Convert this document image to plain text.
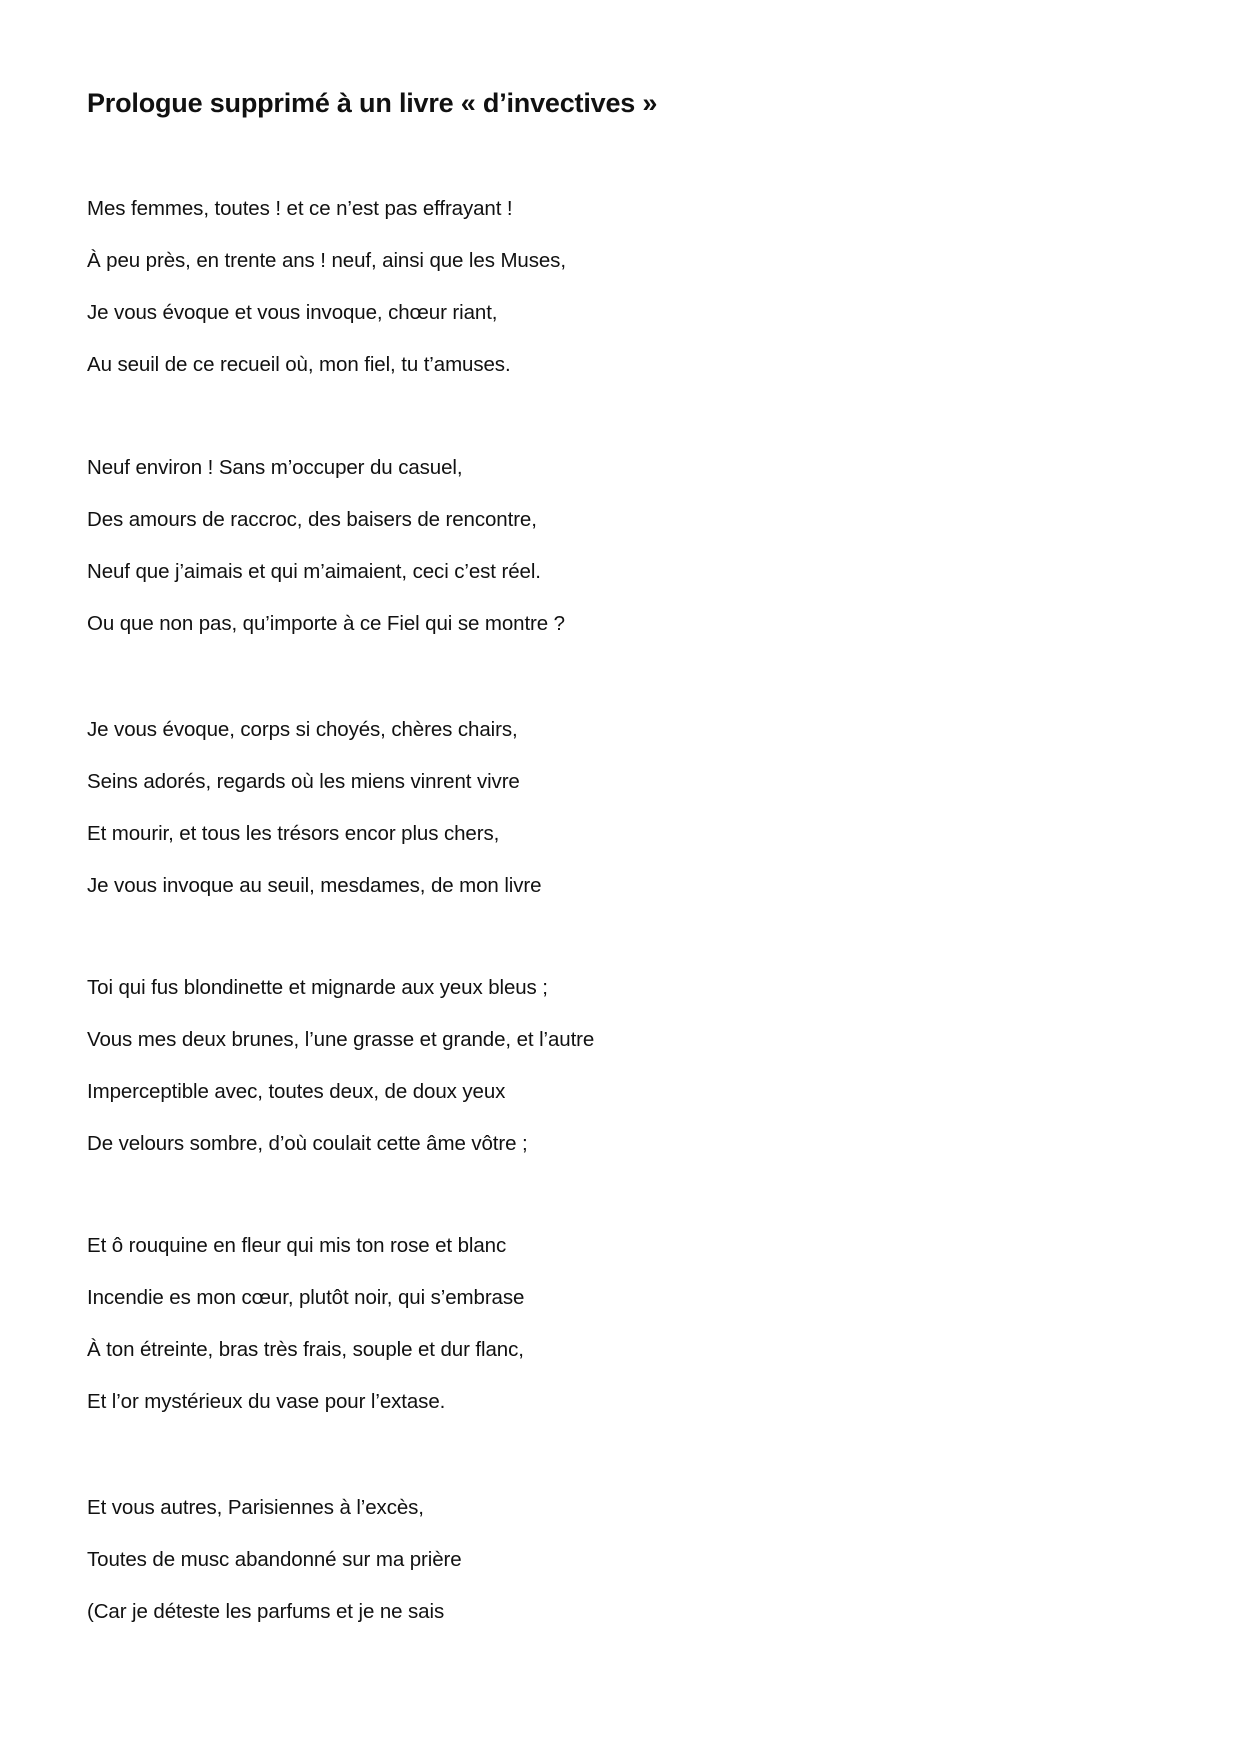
Prologue supprimé à un livre « d’invectives »
Mes femmes, toutes ! et ce n’est pas effrayant !
À peu près, en trente ans ! neuf, ainsi que les Muses,
Je vous évoque et vous invoque, chœur riant,
Au seuil de ce recueil où, mon fiel, tu t’amuses.
Neuf environ ! Sans m’occuper du casuel,
Des amours de raccroc, des baisers de rencontre,
Neuf que j’aimais et qui m’aimaient, ceci c’est réel.
Ou que non pas, qu’importe à ce Fiel qui se montre ?
Je vous évoque, corps si choyés, chères chairs,
Seins adorés, regards où les miens vinrent vivre
Et mourir, et tous les trésors encor plus chers,
Je vous invoque au seuil, mesdames, de mon livre
Toi qui fus blondinette et mignarde aux yeux bleus ;
Vous mes deux brunes, l’une grasse et grande, et l’autre
Imperceptible avec, toutes deux, de doux yeux
De velours sombre, d’où coulait cette âme vôtre ;
Et ô rouquine en fleur qui mis ton rose et blanc
Incendie es mon cœur, plutôt noir, qui s’embrase
À ton étreinte, bras très frais, souple et dur flanc,
Et l’or mystérieux du vase pour l’extase.
Et vous autres, Parisiennes à l’excès,
Toutes de musc abandonné sur ma prière
(Car je déteste les parfums et je ne sais
